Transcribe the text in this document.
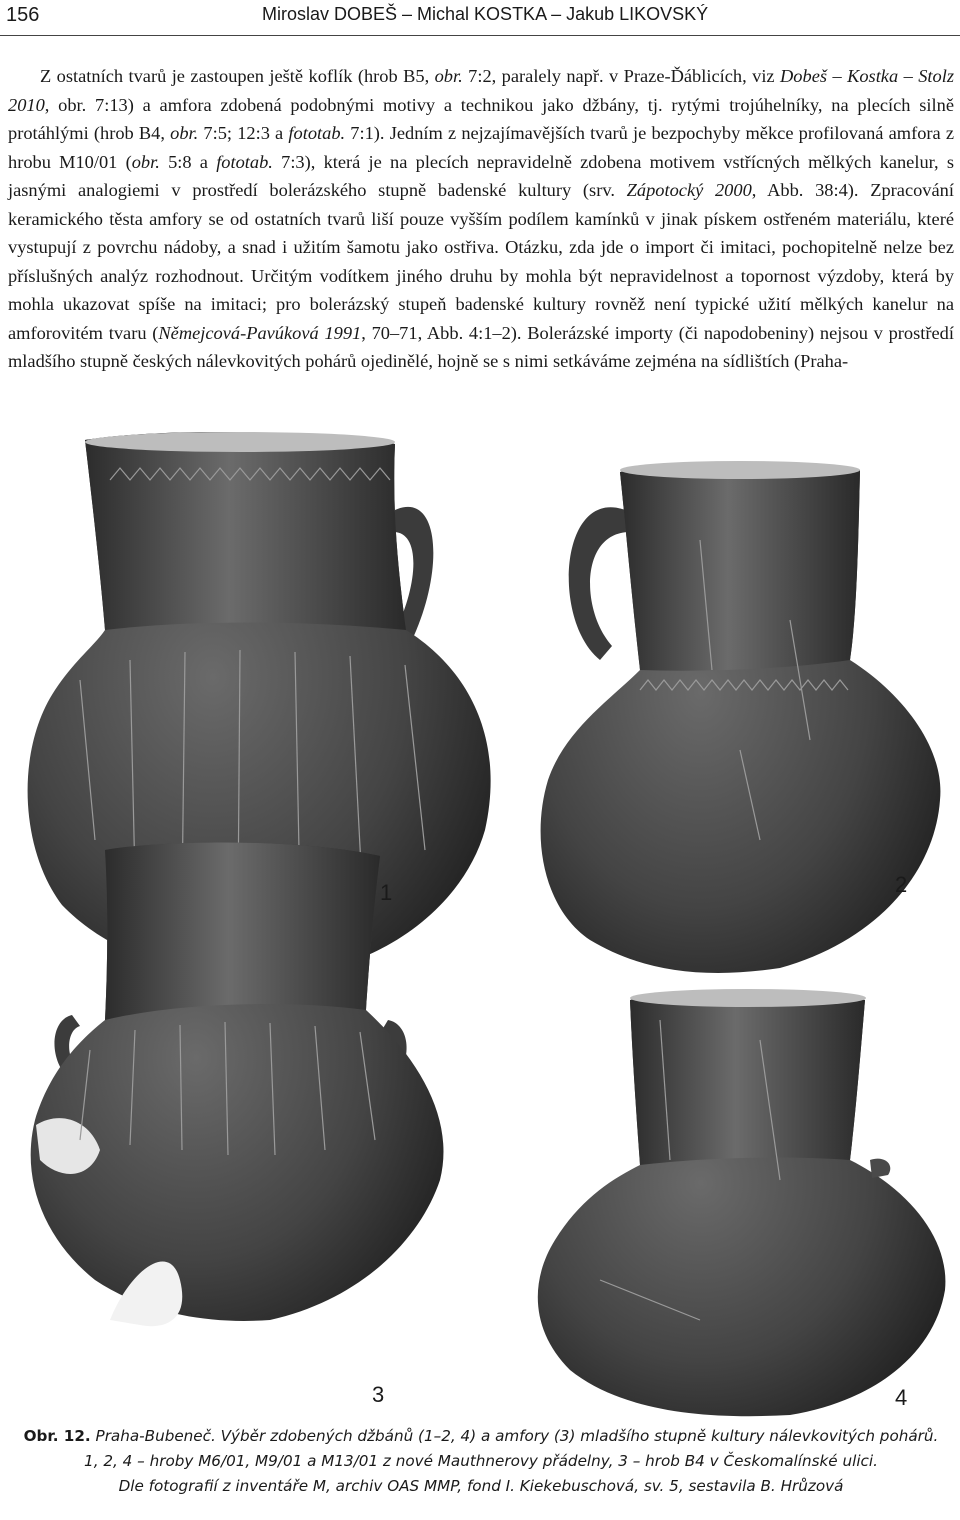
156	Miroslav DOBEŠ – Michal KOSTKA – Jakub LIKOVSKÝ

Z ostatních tvarů je zastoupen ještě koflík (hrob B5, obr. 7:2, paralely např. v Praze-Ďáblicích, viz Dobeš – Kostka – Stolz 2010, obr. 7:13) a amfora zdobená podobnými motivy a technikou jako džbány, tj. rytými trojúhelníky, na plecích silně protáhlými (hrob B4, obr. 7:5; 12:3 a fototab. 7:1). Jedním z nejzajímavějších tvarů je bezpochyby měkce profilovaná amfora z hrobu M10/01 (obr. 5:8 a fototab. 7:3), která je na plecích nepravidelně zdobena motivem vstřícných mělkých kanelur, s jasnými analogiemi v prostředí bolerázského stupně badenské kultury (srv. Zápotocký 2000, Abb. 38:4). Zpracování keramického těsta amfory se od ostatních tvarů liší pouze vyšším podílem kamínků v jinak pískem ostřeném materiálu, které vystupují z povrchu nádoby, a snad i užitím šamotu jako ostřiva. Otázku, zda jde o import či imitaci, pochopitelně nelze bez příslušných analýz rozhodnout. Určitým vodítkem jiného druhu by mohla být nepravidelnost a topornost výzdoby, která by mohla ukazovat spíše na imitaci; pro bolerázský stupeň badenské kultury rovněž není typické užití mělkých kanelur na amforovitém tvaru (Němejcová-Pavúková 1991, 70–71, Abb. 4:1–2). Bolerázské importy (či napodobeniny) nejsou v prostředí mladšího stupně českých nálevkovitých pohárů ojedinělé, hojně se s nimi setkáváme zejména na sídlištích (Praha-

1	2
3	4
Obr. 12. Praha-Bubeneč. Výběr zdobených džbánů (1–2, 4) a amfory (3) mladšího stupně kultury nálevkovitých pohárů.
1, 2, 4 – hroby M6/01, M9/01 a M13/01 z nové Mauthnerovy přádelny, 3 – hrob B4 v Českomalínské ulici.
Dle fotografií z inventáře M, archiv OAS MMP, fond I. Kiekebuschová, sv. 5, sestavila B. Hrůzová
